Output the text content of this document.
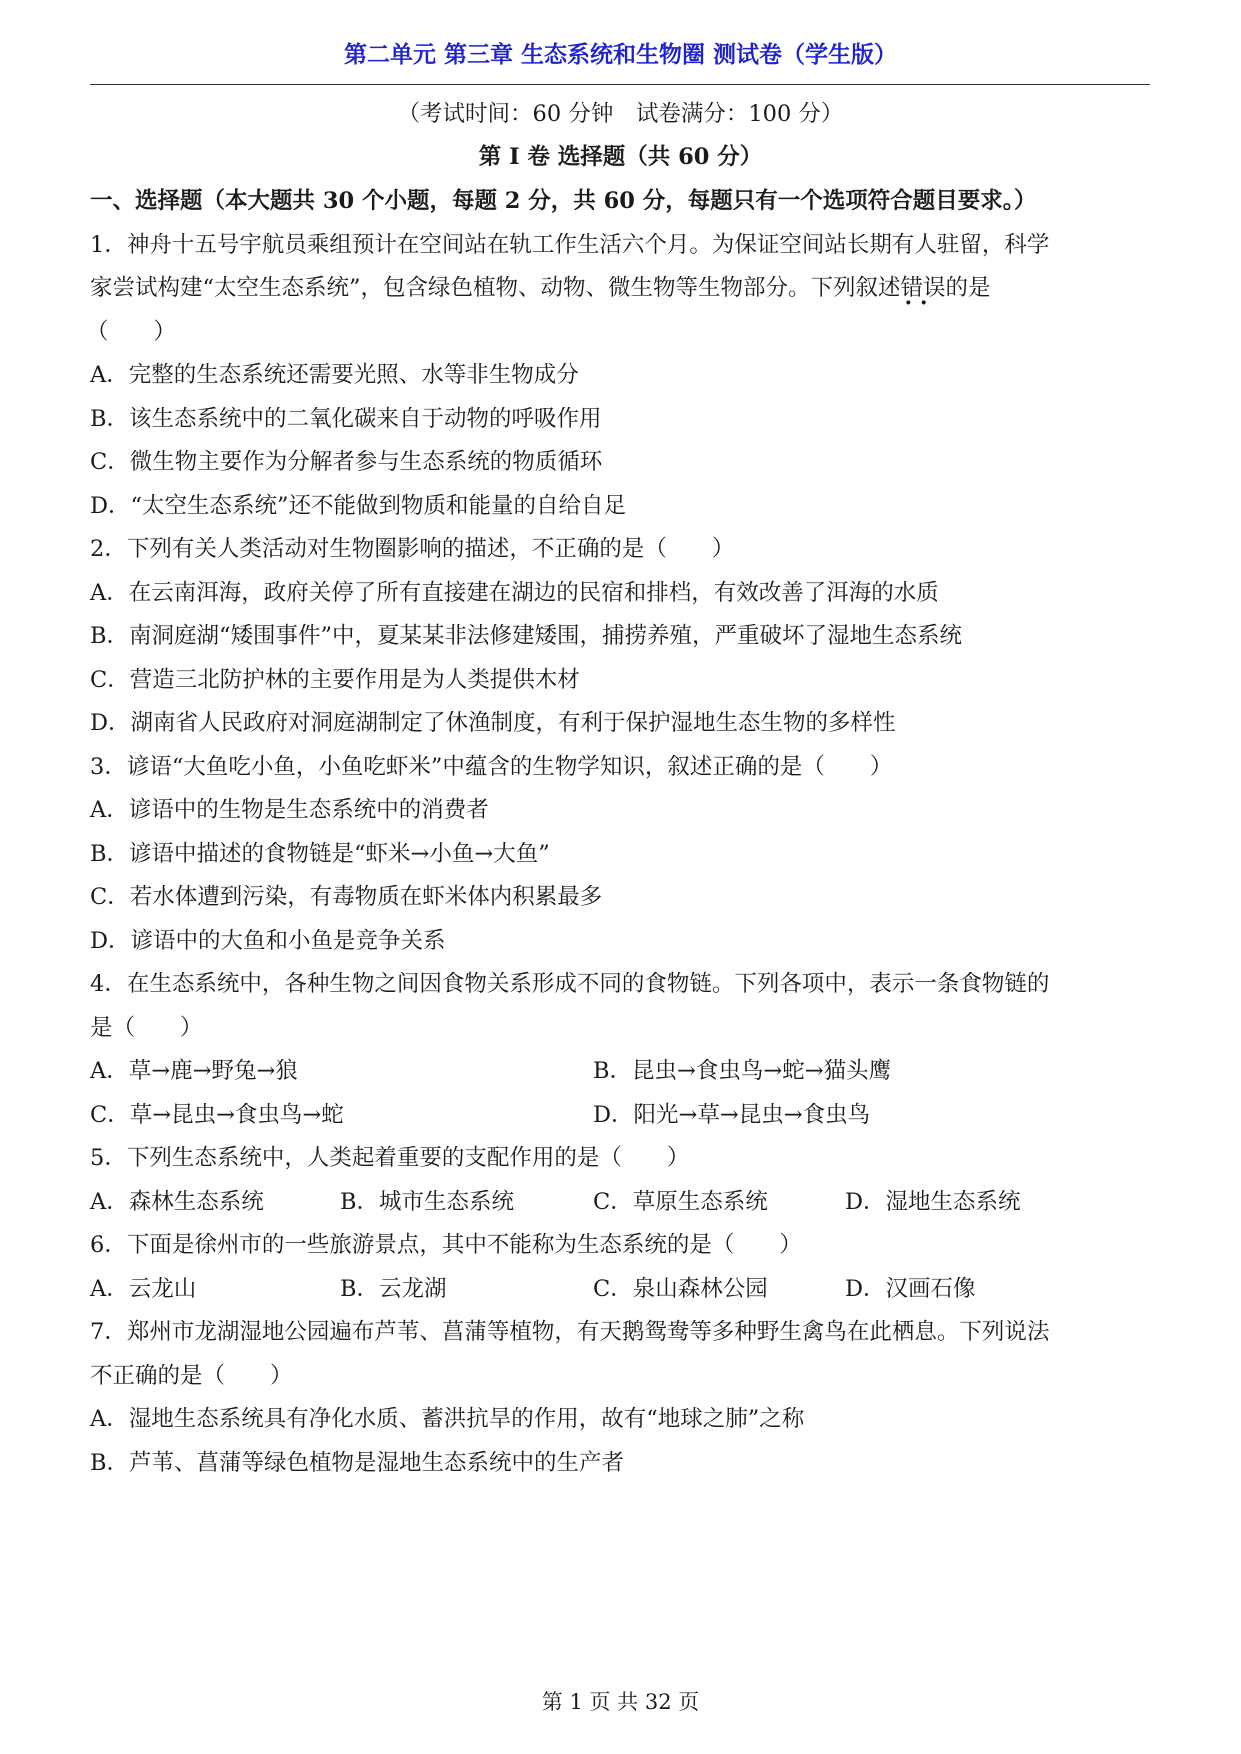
第二单元 第三章 生态系统和生物圈 测试卷（学生版）
（考试时间：60 分钟　试卷满分：100 分）
第 I 卷 选择题（共 60 分）
一、选择题（本大题共 30 个小题，每题 2 分，共 60 分，每题只有一个选项符合题目要求。）
1．神舟十五号宇航员乘组预计在空间站在轨工作生活六个月。为保证空间站长期有人驻留，科学
家尝试构建“太空生态系统”，包含绿色植物、动物、微生物等生物部分。下列叙述错误 · ·的是
（　　）
A．完整的生态系统还需要光照、水等非生物成分
B．该生态系统中的二氧化碳来自于动物的呼吸作用
C．微生物主要作为分解者参与生态系统的物质循环
D．“太空生态系统”还不能做到物质和能量的自给自足
2．下列有关人类活动对生物圈影响的描述，不正确的是（　　）
A．在云南洱海，政府关停了所有直接建在湖边的民宿和排档，有效改善了洱海的水质
B．南洞庭湖“矮围事件”中，夏某某非法修建矮围，捕捞养殖，严重破坏了湿地生态系统
C．营造三北防护林的主要作用是为人类提供木材
D．湖南省人民政府对洞庭湖制定了休渔制度，有利于保护湿地生态生物的多样性
3．谚语“大鱼吃小鱼，小鱼吃虾米”中蕴含的生物学知识，叙述正确的是（　　）
A．谚语中的生物是生态系统中的消费者
B．谚语中描述的食物链是“虾米→小鱼→大鱼”
C．若水体遭到污染，有毒物质在虾米体内积累最多
D．谚语中的大鱼和小鱼是竞争关系
4．在生态系统中，各种生物之间因食物关系形成不同的食物链。下列各项中，表示一条食物链的
是（　　）
A．草→鹿→野兔→狼	B．昆虫→食虫鸟→蛇→猫头鹰
C．草→昆虫→食虫鸟→蛇	D．阳光→草→昆虫→食虫鸟
5．下列生态系统中，人类起着重要的支配作用的是（　　）
A．森林生态系统	B．城市生态系统	C．草原生态系统	D．湿地生态系统
6．下面是徐州市的一些旅游景点，其中不能称为生态系统的是（　　）
A．云龙山	B．云龙湖	C．泉山森林公园	D．汉画石像
7．郑州市龙湖湿地公园遍布芦苇、菖蒲等植物，有天鹅鸳鸯等多种野生禽鸟在此栖息。下列说法
不正确的是（　　）
A．湿地生态系统具有净化水质、蓄洪抗旱的作用，故有“地球之肺”之称
B．芦苇、菖蒲等绿色植物是湿地生态系统中的生产者
第 1 页 共 32 页
